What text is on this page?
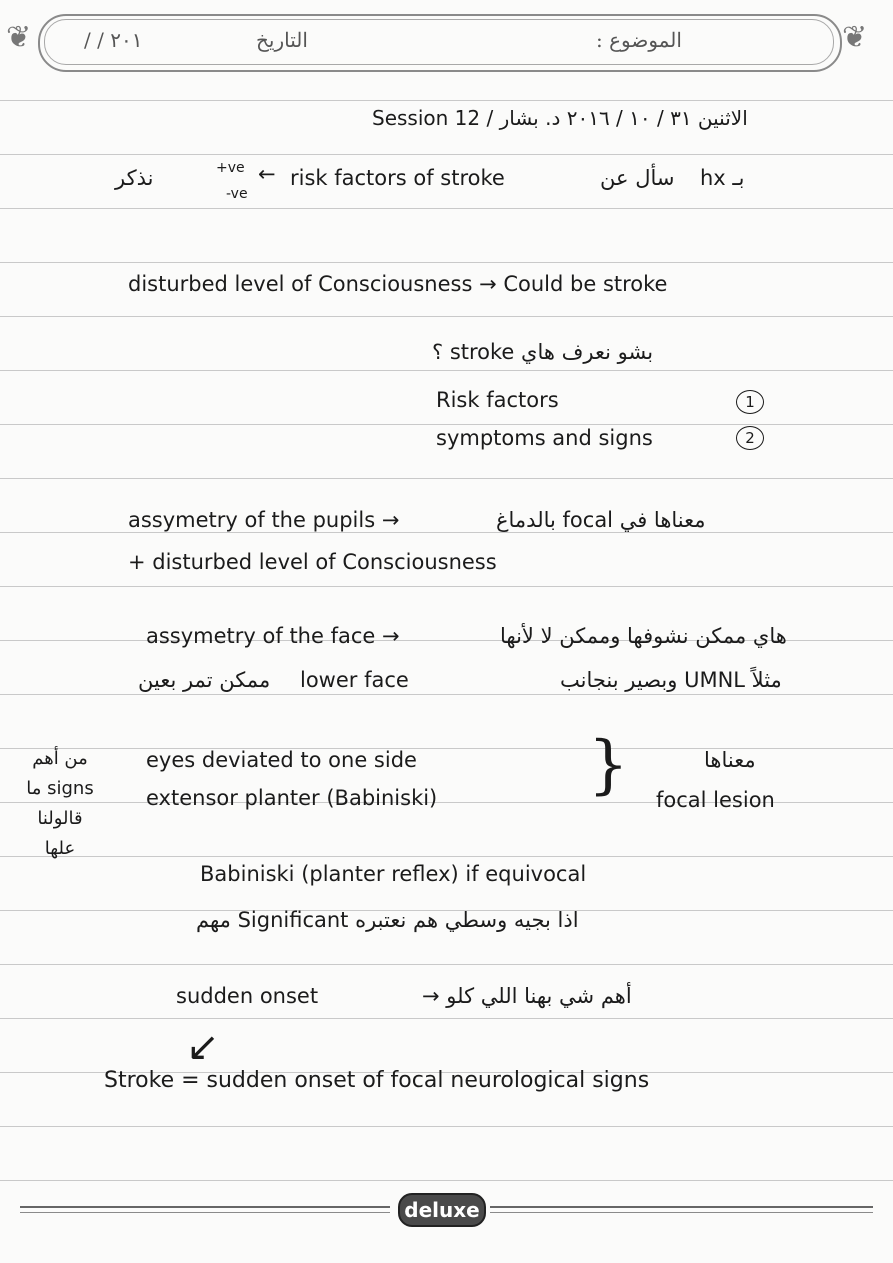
❦	❦
الموضوع :
التاريخ
/ / ٢٠١
Session 12 / الاثنين ٣١ / ١٠ / ٢٠١٦ د. بشار
نذكر	+ve
-ve
← risk factors of stroke	سأل عن بـ hx
disturbed level of Consciousness → Could be stroke
بشو نعرف هاي stroke ؟
Risk factors	1
symptoms and signs	2
assymetry of the pupils →	معناها في focal بالدماغ
+ disturbed level of Consciousness
assymetry of the face →	هاي ممكن نشوفها وممكن لا لأنها
ممكن تمر بعين lower face	مثلاً UMNL وبصير بنجانب
من أهم signs ما قالولنا علها
eyes deviated to one side
extensor planter (Babiniski) }	معناها
focal lesion
Babiniski (planter reflex) if equivocal
اذا بجيه وسطي هم نعتبره Significant مهم
sudden onset	أهم شي بهنا اللي كلو →
↙
Stroke = sudden onset of focal neurological signs
deluxe
